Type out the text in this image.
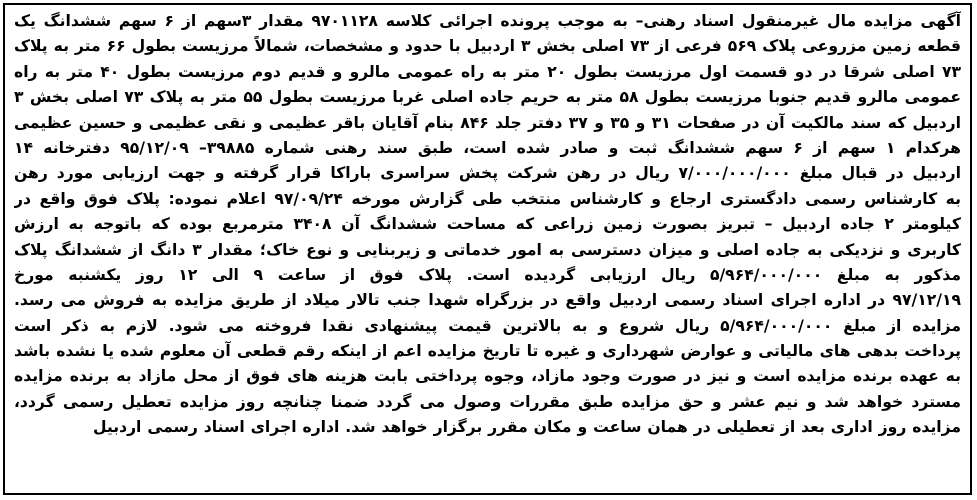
آگهی مزایده مال غیرمنقول اسناد رهنی– به موجب پرونده اجرائی کلاسه ۹۷۰۱۱۲۸ مقدار ۳سهم از ۶ سهم ششدانگ یک
قطعه زمین مزروعی پلاک ۵۶۹ فرعی از ۷۳ اصلی بخش ۳ اردبیل با حدود و مشخصات، شمالاً مرزیست بطول ۶۶ متر به پلاک
۷۳ اصلی شرقا در دو قسمت اول مرزیست بطول ۲۰ متر به راه عمومی مالرو و قدیم دوم مرزیست بطول ۴۰ متر به راه
عمومی مالرو قدیم جنوبا مرزیست بطول ۵۸ متر به حریم جاده اصلی غربا مرزیست بطول ۵۵ متر به پلاک ۷۳ اصلی بخش ۳
اردبیل که سند مالکیت آن در صفحات ۳۱ و ۳۵ و ۳۷ دفتر جلد ۸۴۶ بنام آقایان باقر عظیمی و نقی عظیمی و حسین عظیمی
هرکدام ۱ سهم از ۶ سهم ششدانگ ثبت و صادر شده است، طبق سند رهنی شماره ۳۹۸۸۵– ۹۵/۱۲/۰۹ دفترخانه ۱۴
اردبیل در قبال مبلغ ۷/۰۰۰/۰۰۰/۰۰۰ ریال در رهن شرکت پخش سراسری باراکا قرار گرفته و جهت ارزیابی مورد رهن
به کارشناس رسمی دادگستری ارجاع و کارشناس منتخب طی گزارش مورخه ۹۷/۰۹/۲۴ اعلام نموده: پلاک فوق واقع در
کیلومتر ۲ جاده اردبیل – تبریز بصورت زمین زراعی که مساحت ششدانگ آن ۳۴۰۸ مترمربع بوده که باتوجه به ارزش
کاربری و نزدیکی به جاده اصلی و میزان دسترسی به امور خدماتی و زیربنایی و نوع خاک؛ مقدار ۳ دانگ از ششدانگ پلاک
مذکور به مبلغ ۵/۹۶۴/۰۰۰/۰۰۰ ریال ارزیابی گردیده است. پلاک فوق از ساعت ۹ الی ۱۲ روز یکشنبه مورخ
۹۷/۱۲/۱۹ در اداره اجرای اسناد رسمی اردبیل واقع در بزرگراه شهدا جنب تالار میلاد از طریق مزایده به فروش می رسد.
مزایده از مبلغ ۵/۹۶۴/۰۰۰/۰۰۰ ریال شروع و به بالاترین قیمت پیشنهادی نقدا فروخته می شود. لازم به ذکر است
پرداخت بدهی های مالیاتی و عوارض شهرداری و غیره تا تاریخ مزایده اعم از اینکه رقم قطعی آن معلوم شده یا نشده باشد
به عهده برنده مزایده است و نیز در صورت وجود مازاد، وجوه پرداختی بابت هزینه های فوق از محل مازاد به برنده مزایده
مسترد خواهد شد و نیم عشر و حق مزایده طبق مقررات وصول می گردد ضمنا چنانچه روز مزایده تعطیل رسمی گردد،
مزایده روز اداری بعد از تعطیلی در همان ساعت و مکان مقرر برگزار خواهد شد. اداره اجرای اسناد رسمی اردبیل
